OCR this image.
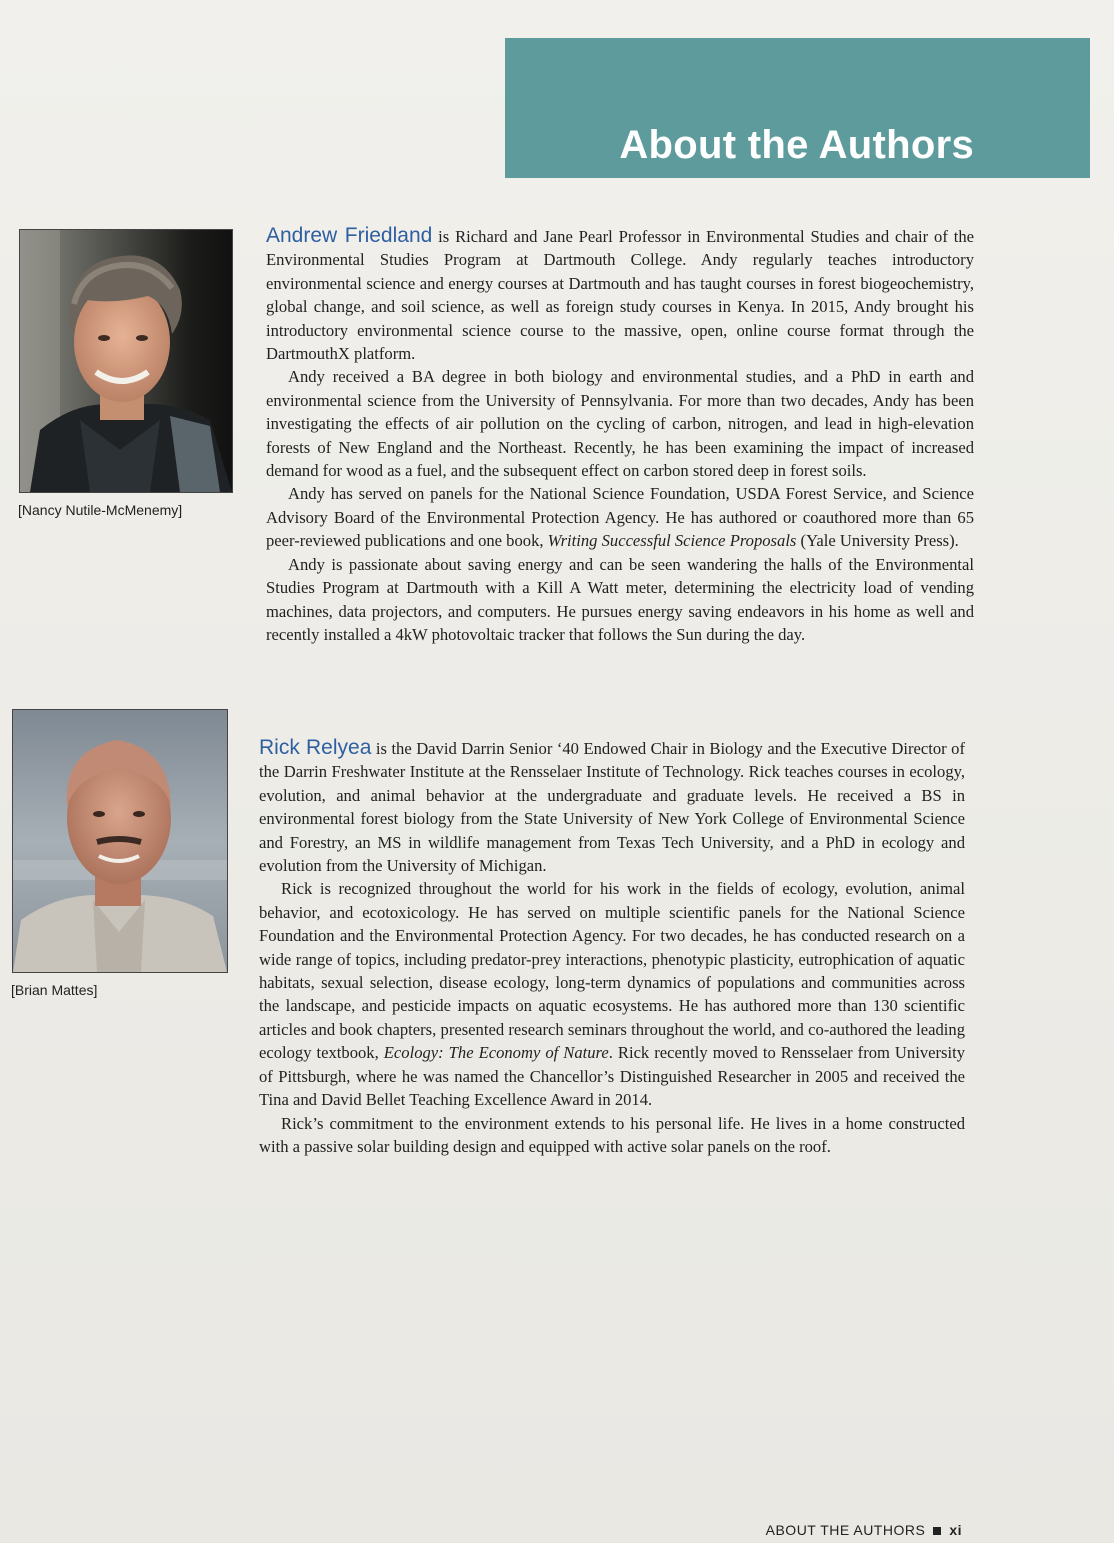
About the Authors
[Nancy Nutile-McMenemy]

Andrew Friedland is Richard and Jane Pearl Professor in Environmental Studies and chair of the Environmental Studies Program at Dartmouth College. Andy regularly teaches introductory environmental science and energy courses at Dartmouth and has taught courses in forest biogeochemistry, global change, and soil science, as well as foreign study courses in Kenya. In 2015, Andy brought his introductory environmental science course to the massive, open, online course format through the DartmouthX platform.

Andy received a BA degree in both biology and environmental studies, and a PhD in earth and environmental science from the University of Pennsylvania. For more than two decades, Andy has been investigating the effects of air pollution on the cycling of carbon, nitrogen, and lead in high-elevation forests of New England and the Northeast. Recently, he has been examining the impact of increased demand for wood as a fuel, and the subsequent effect on carbon stored deep in forest soils.

Andy has served on panels for the National Science Foundation, USDA Forest Service, and Science Advisory Board of the Environmental Protection Agency. He has authored or coauthored more than 65 peer-reviewed publications and one book, Writing Successful Science Proposals (Yale University Press).

Andy is passionate about saving energy and can be seen wandering the halls of the Environmental Studies Program at Dartmouth with a Kill A Watt meter, determining the electricity load of vending machines, data projectors, and computers. He pursues energy saving endeavors in his home as well and recently installed a 4kW photovoltaic tracker that follows the Sun during the day.

[Brian Mattes]

Rick Relyea is the David Darrin Senior ‘40 Endowed Chair in Biology and the Executive Director of the Darrin Freshwater Institute at the Rensselaer Institute of Technology. Rick teaches courses in ecology, evolution, and animal behavior at the undergraduate and graduate levels. He received a BS in environmental forest biology from the State University of New York College of Environmental Science and Forestry, an MS in wildlife management from Texas Tech University, and a PhD in ecology and evolution from the University of Michigan.

Rick is recognized throughout the world for his work in the fields of ecology, evolution, animal behavior, and ecotoxicology. He has served on multiple scientific panels for the National Science Foundation and the Environmental Protection Agency. For two decades, he has conducted research on a wide range of topics, including predator-prey interactions, phenotypic plasticity, eutrophication of aquatic habitats, sexual selection, disease ecology, long-term dynamics of populations and communities across the landscape, and pesticide impacts on aquatic ecosystems. He has authored more than 130 scientific articles and book chapters, presented research seminars throughout the world, and co-authored the leading ecology textbook, Ecology: The Economy of Nature. Rick recently moved to Rensselaer from University of Pittsburgh, where he was named the Chancellor’s Distinguished Researcher in 2005 and received the Tina and David Bellet Teaching Excellence Award in 2014.

Rick’s commitment to the environment extends to his personal life. He lives in a home constructed with a passive solar building design and equipped with active solar panels on the roof.

ABOUT THE AUTHORS xi
